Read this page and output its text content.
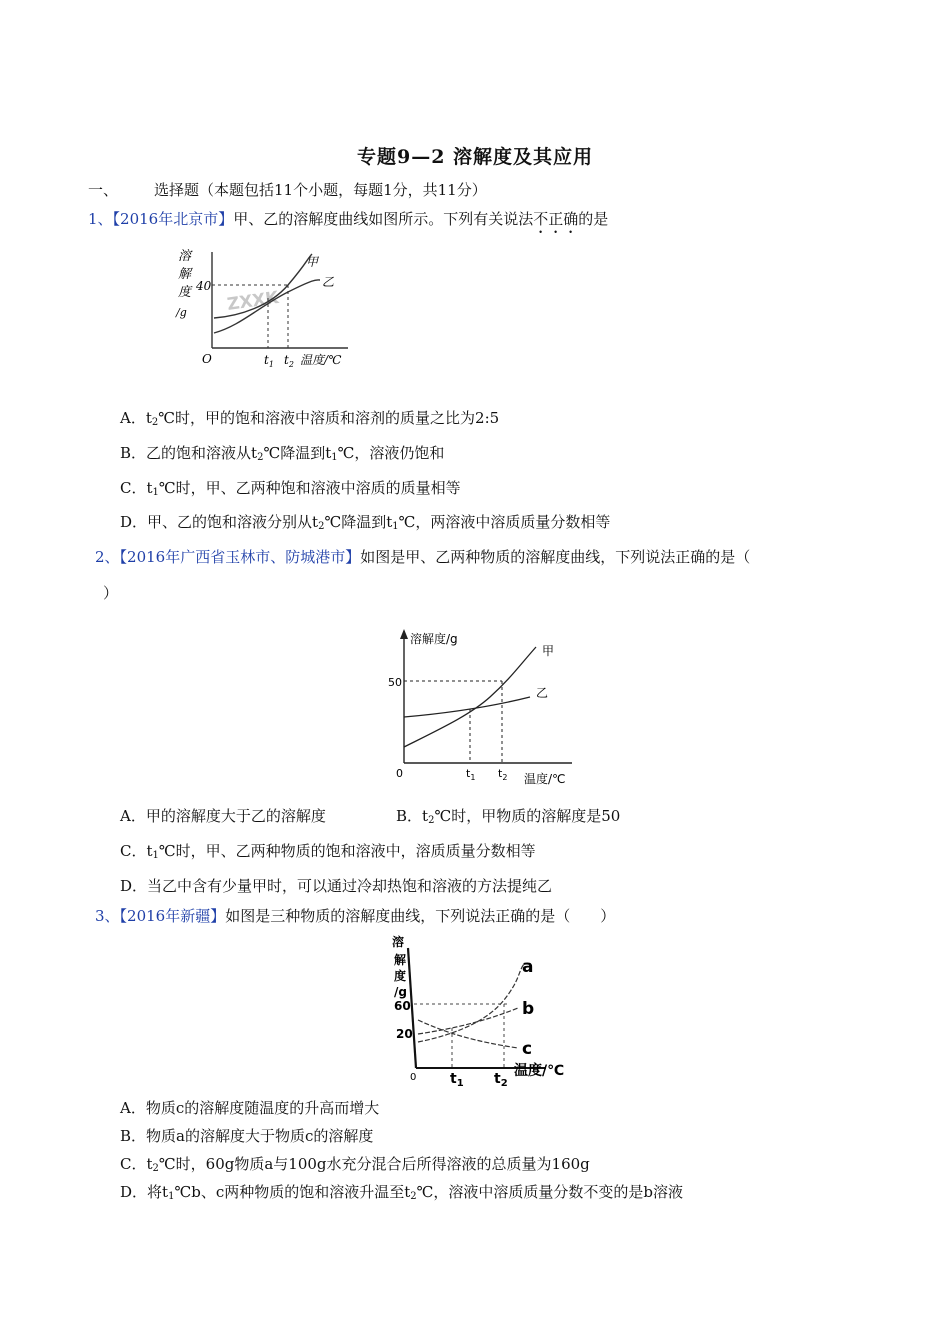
专题9—2 溶解度及其应用
一、 选择题（本题包括11个小题，每题1分，共11分）
1、【2016年北京市】甲、乙的溶解度曲线如图所示。下列有关说法不正确的是
溶
解
度
/g ZXXK
40
O	$t_1$ $t_2$ 温度/℃
甲
乙
A．$t_2℃$时，甲的饱和溶液中溶质和溶剂的质量之比为2:5
B．乙的饱和溶液从$t_2℃$降温到$t_1℃$，溶液仍饱和
C．$t_1℃$时，甲、乙两种饱和溶液中溶质的质量相等
D．甲、乙的饱和溶液分别从$t_2℃$降温到$t_1℃$，两溶液中溶质质量分数相等
2、【2016年广西省玉林市、防城港市】如图是甲、乙两种物质的溶解度曲线，下列说法正确的是（
）
溶解度/g
50
0	$t_1$ $t_2$ 温度/℃
甲
乙
A．甲的溶解度大于乙的溶解度	B．$t_2℃$时，甲物质的溶解度是50
C．$t_1℃$时，甲、乙两种物质的饱和溶液中，溶质质量分数相等
D．当乙中含有少量甲时，可以通过冷却热饱和溶液的方法提纯乙
3、【2016年新疆】如图是三种物质的溶解度曲线，下列说法正确的是（ ）
溶
解
度
/g
60
20
0 $t_1$ $t_2$
温度/℃
a
b
c
A．物质c的溶解度随温度的升高而增大
B．物质a的溶解度大于物质c的溶解度
C．$t_2℃$时，60g物质a与100g水充分混合后所得溶液的总质量为160g
D．将$t_1℃b$、c两种物质的饱和溶液升温至$t_2℃$，溶液中溶质质量分数不变的是b溶液
